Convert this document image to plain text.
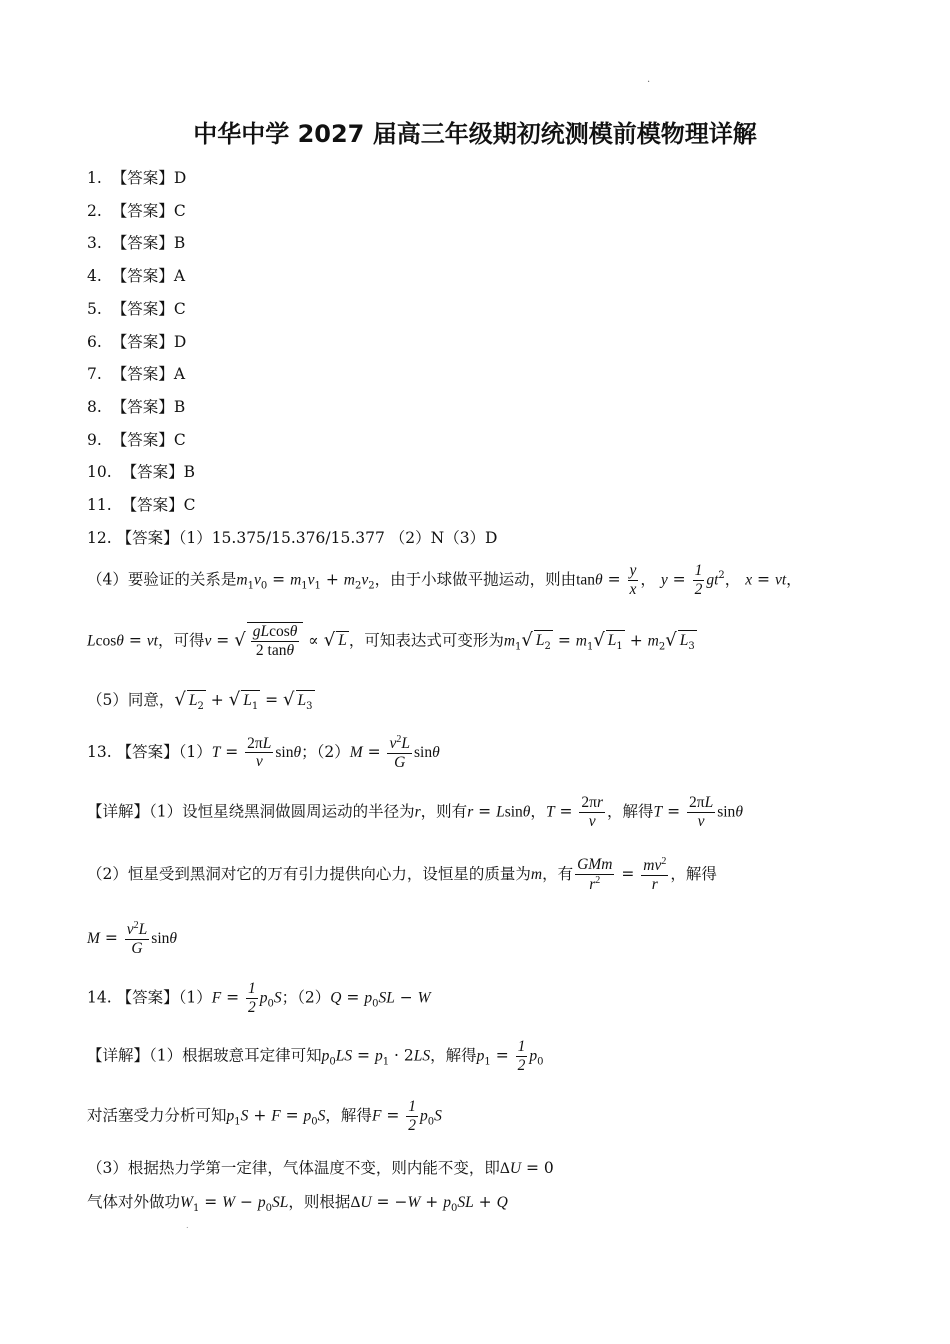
.
中华中学 2027 届高三年级期初统测模前模物理详解
1. 【答案】D
2. 【答案】C
3. 【答案】B
4. 【答案】A
5. 【答案】C
6. 【答案】D
7. 【答案】A
8. 【答案】B
9. 【答案】C
10. 【答案】B
11. 【答案】C
12. 【答案】（1）15.375/15.376/15.377 （2）N（3）D
（4）要验证的关系是$m_1v_0 = m_1v_1 + m_2v_2$，由于小球做平抛运动，则由$\tan\theta = \frac{y}{x}$ ， $y = \frac{1}{2} gt^2$， x = vt，
Lcosθ = vt，可得v = √ $\frac{gLcos\theta}{2 \tan\theta}$ ∝ √ L ，可知表达式可变形为$m_1√$ $L_2 = m_1√$ $L_1 + m_2√$ $L_3$
（5）同意，√ $L_2$ + √ $L_1$ = √ $L_3$
13. 【答案】$(1)T = \frac{2\pi L}{v}$ sinθ；$(2)M = \frac{v^2L}{G}$ sinθ
【详解】（1）设恒星绕黑洞做圆周运动的半径为r，则有r = Lsinθ，$T = \frac{2\pi r}{v}$ ，解得$T = \frac{2\pi L}{v}$ sinθ
（2）恒星受到黑洞对它的万有引力提供向心力，设恒星的质量为m，有 $\frac{\text{GMm}}{r^2} = \frac{mv^2}{r}$ ，解得
$M = \frac{v^2L}{G}$ sinθ
14. 【答案】$(1)F = \frac{1}{2} p_0S$；$(2)Q = p_0SL - W$
【详解】（1）根据玻意耳定律可知$p_0LS = p_1 \cdot 2LS$，解得$p_1 = \frac{1}{2} p_0$
对活塞受力分析可知$p_1S + F = p_0S$，解得$F = \frac{1}{2} p_0S$
（3）根据热力学第一定律，气体温度不变，则内能不变，即ΔU = 0
气体对外做功$W_1 = W - p_0SL$，则根据$\Delta U = -W + p_0SL + Q$
.
